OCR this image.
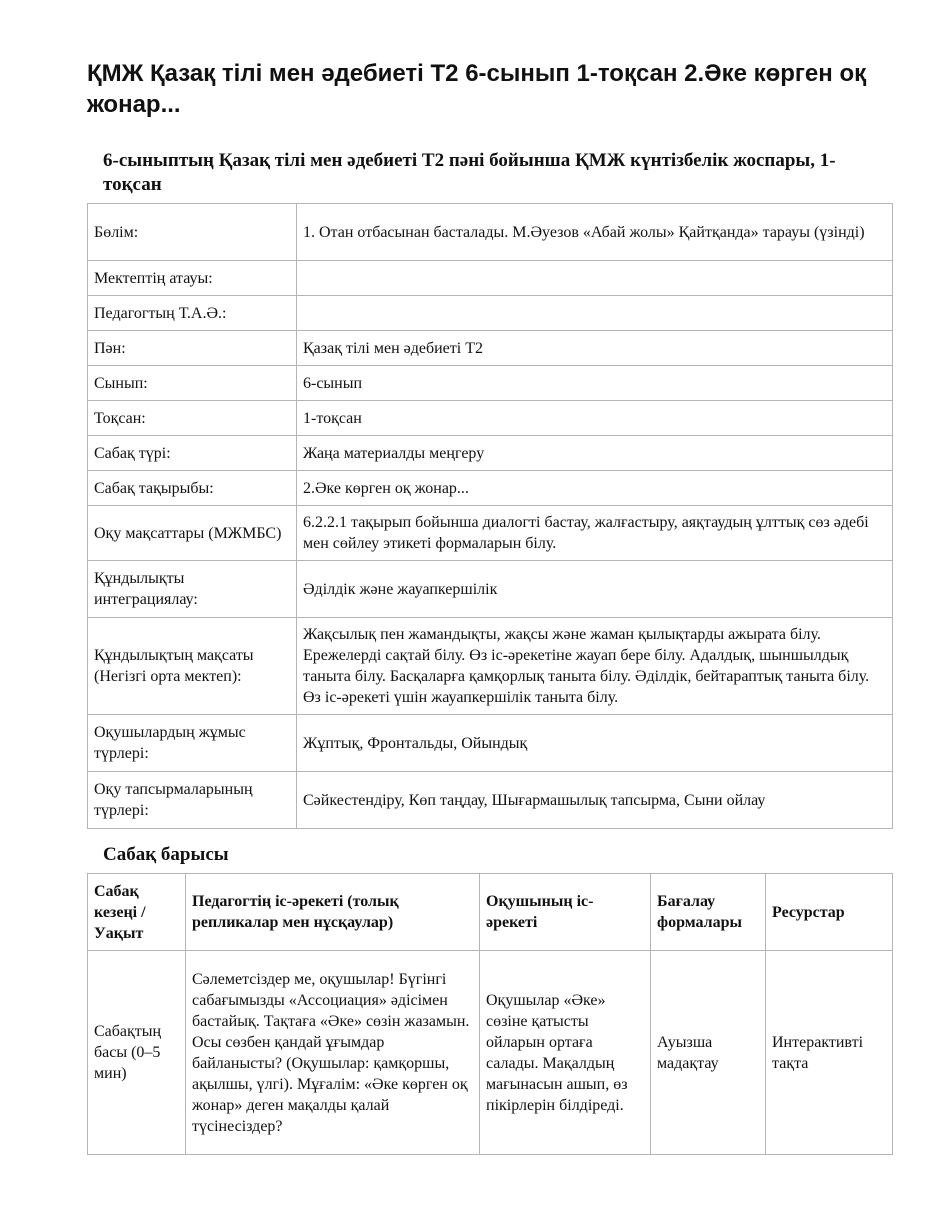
ҚМЖ Қазақ тілі мен әдебиеті Т2 6-сынып 1-тоқсан 2.Әке көрген оқ жонар...
6-сыныптың Қазақ тілі мен әдебиеті Т2 пәні бойынша ҚМЖ күнтізбелік жоспары, 1-тоқсан
Бөлім:	1. Отан отбасынан басталады. М.Әуезов «Абай жолы» Қайтқанда» тарауы (үзінді)
Мектептің атауы:	
Педагогтың Т.А.Ә.:	
Пән:	Қазақ тілі мен әдебиеті Т2
Сынып:	6-сынып
Тоқсан:	1-тоқсан
Сабақ түрі:	Жаңа материалды меңгеру
Сабақ тақырыбы:	2.Әке көрген оқ жонар...
Оқу мақсаттары (МЖМБС)	6.2.2.1 тақырып бойынша диалогті бастау, жалғастыру, аяқтаудың ұлттық сөз әдебі мен сөйлеу этикеті формаларын білу.
Құндылықты интеграциялау:	Әділдік және жауапкершілік
Құндылықтың мақсаты (Негізгі орта мектеп):	Жақсылық пен жамандықты, жақсы және жаман қылықтарды ажырата білу. Ережелерді сақтай білу. Өз іс-әрекетіне жауап бере білу. Адалдық, шыншылдық таныта білу. Басқаларға қамқорлық таныта білу. Әділдік, бейтараптық таныта білу. Өз іс-әрекеті үшін жауапкершілік таныта білу.
Оқушылардың жұмыс түрлері:	Жұптық, Фронтальды, Ойындық
Оқу тапсырмаларының түрлері:	Сәйкестендіру, Көп таңдау, Шығармашылық тапсырма, Сыни ойлау
Сабақ барысы
Сабақ кезеңі / Уақыт	Педагогтің іс-әрекеті (толық репликалар мен нұсқаулар)	Оқушының іс-әрекеті	Бағалау формалары	Ресурстар
Сабақтың басы (0–5 мин)	Сәлеметсіздер ме, оқушылар! Бүгінгі сабағымызды «Ассоциация» әдісімен бастайық. Тақтаға «Әке» сөзін жазамын. Осы сөзбен қандай ұғымдар байланысты? (Оқушылар: қамқоршы, ақылшы, үлгі). Мұғалім: «Әке көрген оқ жонар» деген мақалды қалай түсінесіздер?	Оқушылар «Әке» сөзіне қатысты ойларын ортаға салады. Мақалдың мағынасын ашып, өз пікірлерін білдіреді.	Ауызша мадақтау	Интерактивті тақта
